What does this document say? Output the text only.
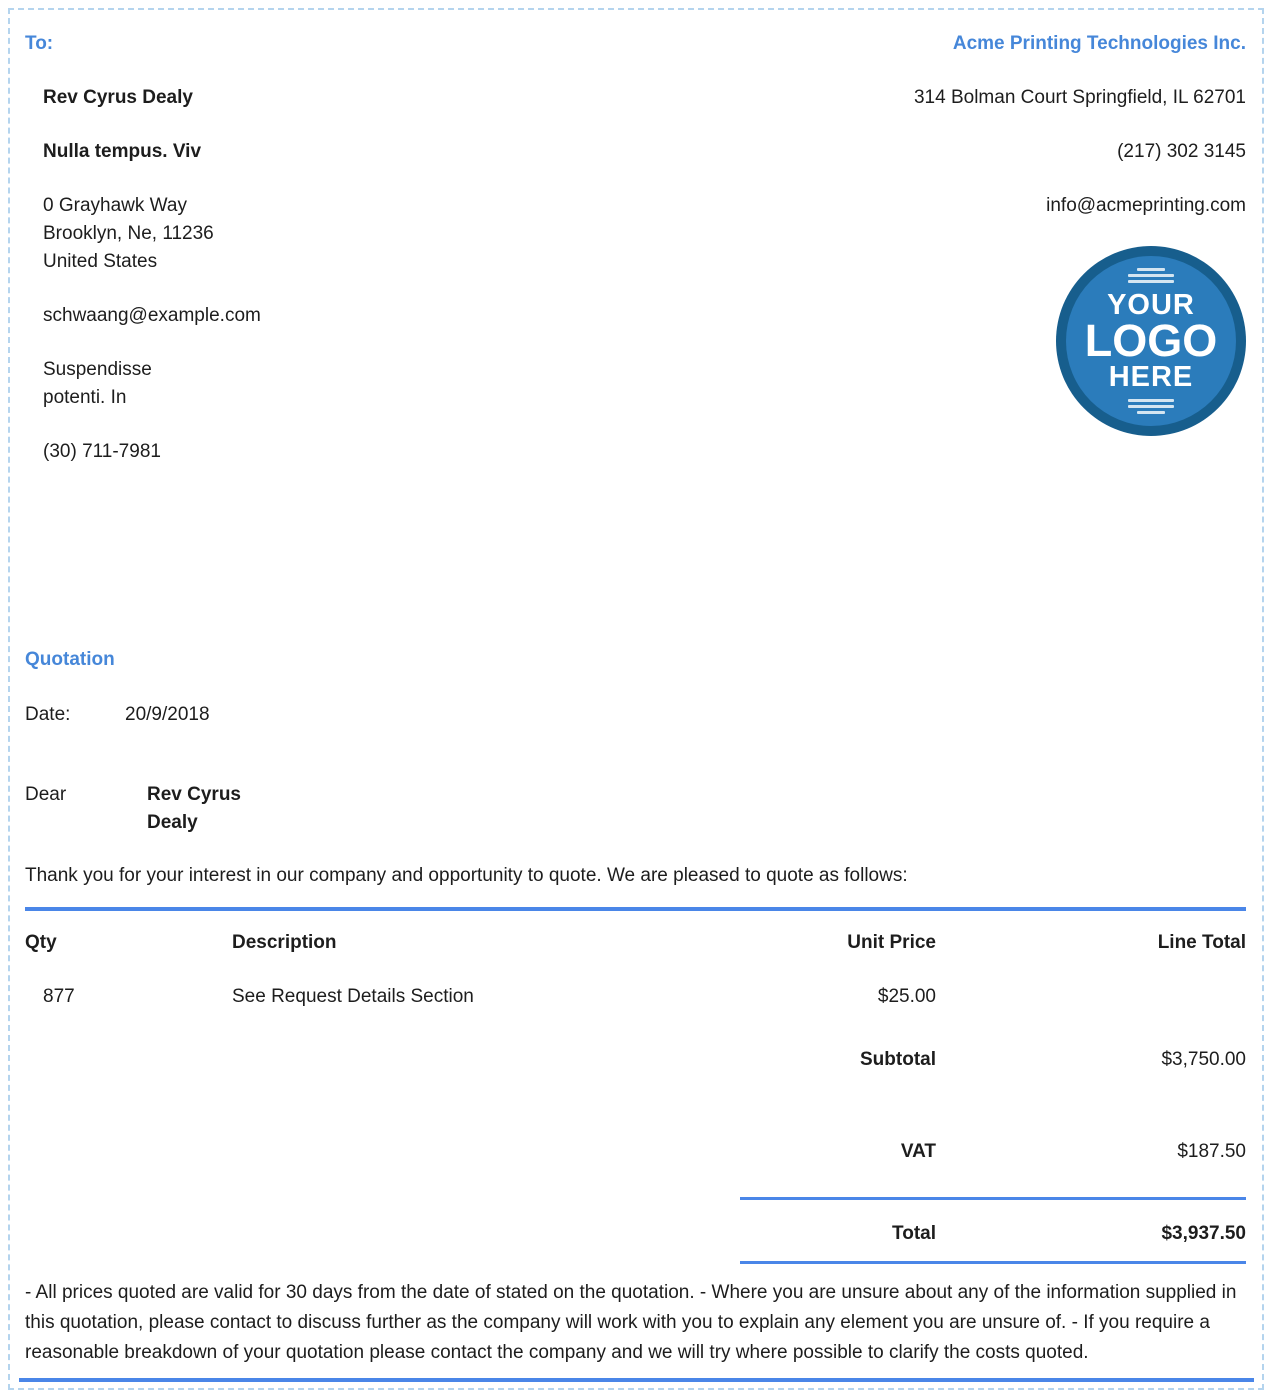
To:
Rev Cyrus Dealy
Nulla tempus. Viv
0 Grayhawk Way
Brooklyn, Ne, 11236
United States
schwaang@example.com
Suspendisse
potenti. In
(30) 711-7981
Acme Printing Technologies Inc.
314 Bolman Court Springfield, IL 62701
(217) 302 3145
info@acmeprinting.com
YOUR
LOGO
HERE
Quotation
Date:	20/9/2018
Dear	Rev Cyrus Dealy

Thank you for your interest in our company and opportunity to quote. We are pleased to quote as follows:

Qty	Description	Unit Price	Line Total
877	See Request Details Section	$25.00
Subtotal	$3,750.00
VAT	$187.50
Total	$3,937.50

- All prices quoted are valid for 30 days from the date of stated on the quotation. - Where you are unsure about any of the information supplied in this quotation, please contact to discuss further as the company will work with you to explain any element you are unsure of. - If you require a reasonable breakdown of your quotation please contact the company and we will try where possible to clarify the costs quoted.
